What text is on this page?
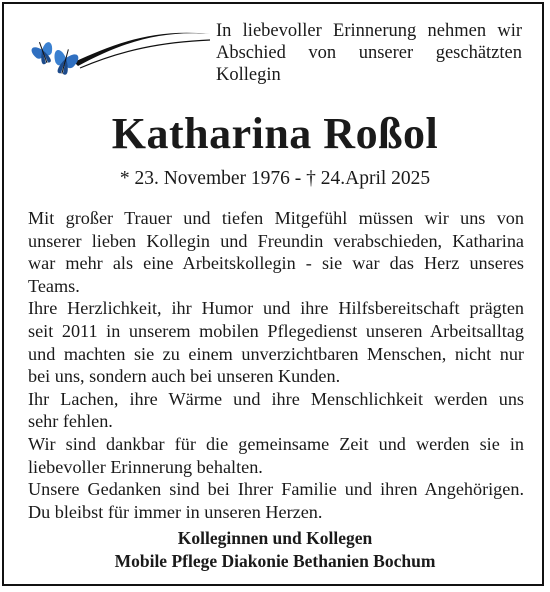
In liebevoller Erinnerung nehmen wir
Abschied von unserer geschätzten
Kollegin
Katharina Roßol
* 23. November 1976 - † 24.April 2025
Mit großer Trauer und tiefen Mitgefühl müssen wir uns von
unserer lieben Kollegin und Freundin verabschieden, Katharina
war mehr als eine Arbeitskollegin - sie war das Herz unseres
Teams.
Ihre Herzlichkeit, ihr Humor und ihre Hilfsbereitschaft prägten
seit 2011 in unserem mobilen Pflegedienst unseren Arbeitsalltag
und machten sie zu einem unverzichtbaren Menschen, nicht nur
bei uns, sondern auch bei unseren Kunden.
Ihr Lachen, ihre Wärme und ihre Menschlichkeit werden uns
sehr fehlen.
Wir sind dankbar für die gemeinsame Zeit und werden sie in
liebevoller Erinnerung behalten.
Unsere Gedanken sind bei Ihrer Familie und ihren Angehörigen.
Du bleibst für immer in unseren Herzen.
Kolleginnen und Kollegen
Mobile Pflege Diakonie Bethanien Bochum
